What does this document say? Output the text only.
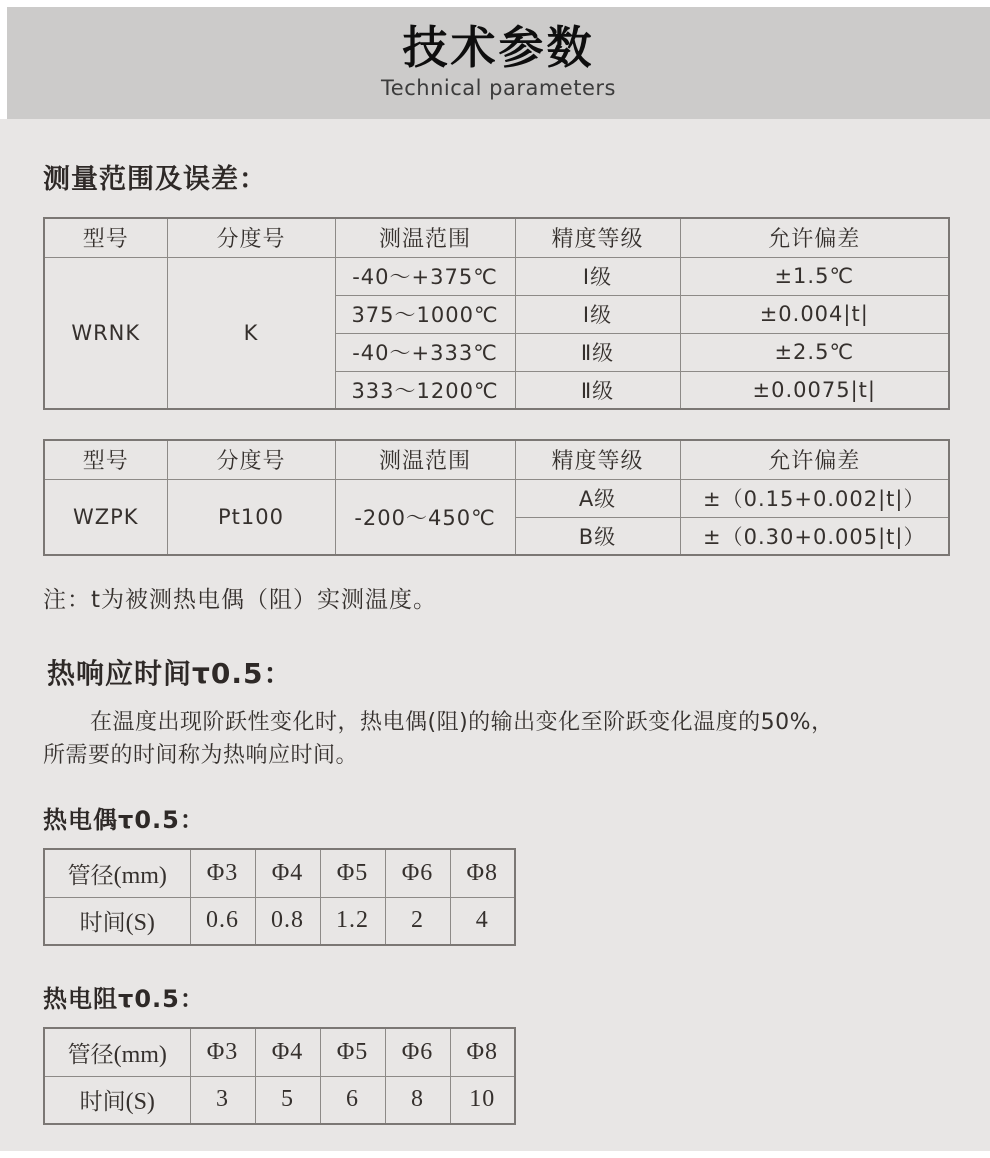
技术参数
Technical parameters
测量范围及误差：
型号	分度号	测温范围	精度等级	允许偏差
WRNK	K	-40～+375℃	Ⅰ级	±1.5℃
		375～1000℃	Ⅰ级	±0.004|t|
		-40～+333℃	Ⅱ级	±2.5℃
		333～1200℃	Ⅱ级	±0.0075|t|
型号	分度号	测温范围	精度等级	允许偏差
WZPK	Pt100	-200～450℃	A级	±（0.15+0.002|t|）
			B级	±（0.30+0.005|t|）
注：t为被测热电偶（阻）实测温度。
热响应时间τ0.5：
在温度出现阶跃性变化时，热电偶(阻)的输出变化至阶跃变化温度的50%，
所需要的时间称为热响应时间。
热电偶τ0.5：
管径(mm)	Φ3	Φ4	Φ5	Φ6	Φ8
时间(S)	0.6	0.8	1.2	2	4
热电阻τ0.5：
管径(mm)	Φ3	Φ4	Φ5	Φ6	Φ8
时间(S)	3	5	6	8	10
